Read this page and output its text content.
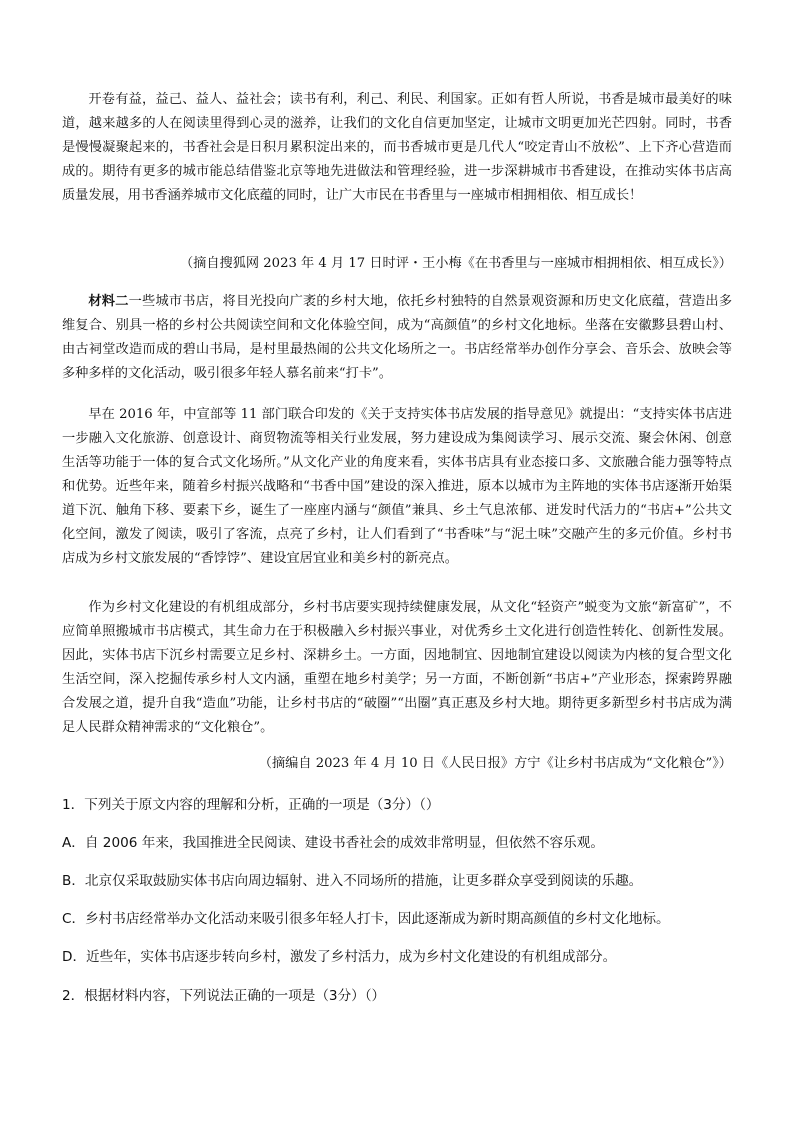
开卷有益，益己、益人、益社会；读书有利，利己、利民、利国家。正如有哲人所说，书香是城市最美好的味道，越来越多的人在阅读里得到心灵的滋养，让我们的文化自信更加坚定，让城市文明更加光芒四射。同时，书香是慢慢凝聚起来的，书香社会是日积月累积淀出来的，而书香城市更是几代人“咬定青山不放松”、上下齐心营造而成的。期待有更多的城市能总结借鉴北京等地先进做法和管理经验，进一步深耕城市书香建设，在推动实体书店高质量发展，用书香涵养城市文化底蕴的同时，让广大市民在书香里与一座城市相拥相依、相互成长！

（摘自搜狐网 2023 年 4 月 17 日时评・王小梅《在书香里与一座城市相拥相依、相互成长》）

材料二一些城市书店，将目光投向广袤的乡村大地，依托乡村独特的自然景观资源和历史文化底蕴，营造出多维复合、别具一格的乡村公共阅读空间和文化体验空间，成为“高颜值”的乡村文化地标。坐落在安徽黟县碧山村、由古祠堂改造而成的碧山书局，是村里最热闹的公共文化场所之一。书店经常举办创作分享会、音乐会、放映会等多种多样的文化活动，吸引很多年轻人慕名前来“打卡”。

早在 2016 年，中宣部等 11 部门联合印发的《关于支持实体书店发展的指导意见》就提出：“支持实体书店进一步融入文化旅游、创意设计、商贸物流等相关行业发展，努力建设成为集阅读学习、展示交流、聚会休闲、创意生活等功能于一体的复合式文化场所。”从文化产业的角度来看，实体书店具有业态接口多、文旅融合能力强等特点和优势。近些年来，随着乡村振兴战略和“书香中国”建设的深入推进，原本以城市为主阵地的实体书店逐渐开始渠道下沉、触角下移、要素下乡，诞生了一座座内涵与“颜值”兼具、乡土气息浓郁、迸发时代活力的“书店+”公共文化空间，激发了阅读，吸引了客流，点亮了乡村，让人们看到了“书香味”与“泥土味”交融产生的多元价值。乡村书店成为乡村文旅发展的“香饽饽”、建设宜居宜业和美乡村的新亮点。

作为乡村文化建设的有机组成部分，乡村书店要实现持续健康发展，从文化“轻资产”蜕变为文旅“新富矿”，不应简单照搬城市书店模式，其生命力在于积极融入乡村振兴事业，对优秀乡土文化进行创造性转化、创新性发展。因此，实体书店下沉乡村需要立足乡村、深耕乡土。一方面，因地制宜、因地制宜建设以阅读为内核的复合型文化生活空间，深入挖掘传承乡村人文内涵，重塑在地乡村美学；另一方面，不断创新“书店+”产业形态，探索跨界融合发展之道，提升自我“造血”功能，让乡村书店的“破圈”“出圈”真正惠及乡村大地。期待更多新型乡村书店成为满足人民群众精神需求的“文化粮仓”。

（摘编自 2023 年 4 月 10 日《人民日报》方宁《让乡村书店成为“文化粮仓”》）

1．下列关于原文内容的理解和分析，正确的一项是（3分）（）

A．自 2006 年来，我国推进全民阅读、建设书香社会的成效非常明显，但依然不容乐观。

B．北京仅采取鼓励实体书店向周边辐射、进入不同场所的措施，让更多群众享受到阅读的乐趣。

C．乡村书店经常举办文化活动来吸引很多年轻人打卡，因此逐渐成为新时期高颜值的乡村文化地标。

D．近些年，实体书店逐步转向乡村，激发了乡村活力，成为乡村文化建设的有机组成部分。

2．根据材料内容，下列说法正确的一项是（3分）（）
